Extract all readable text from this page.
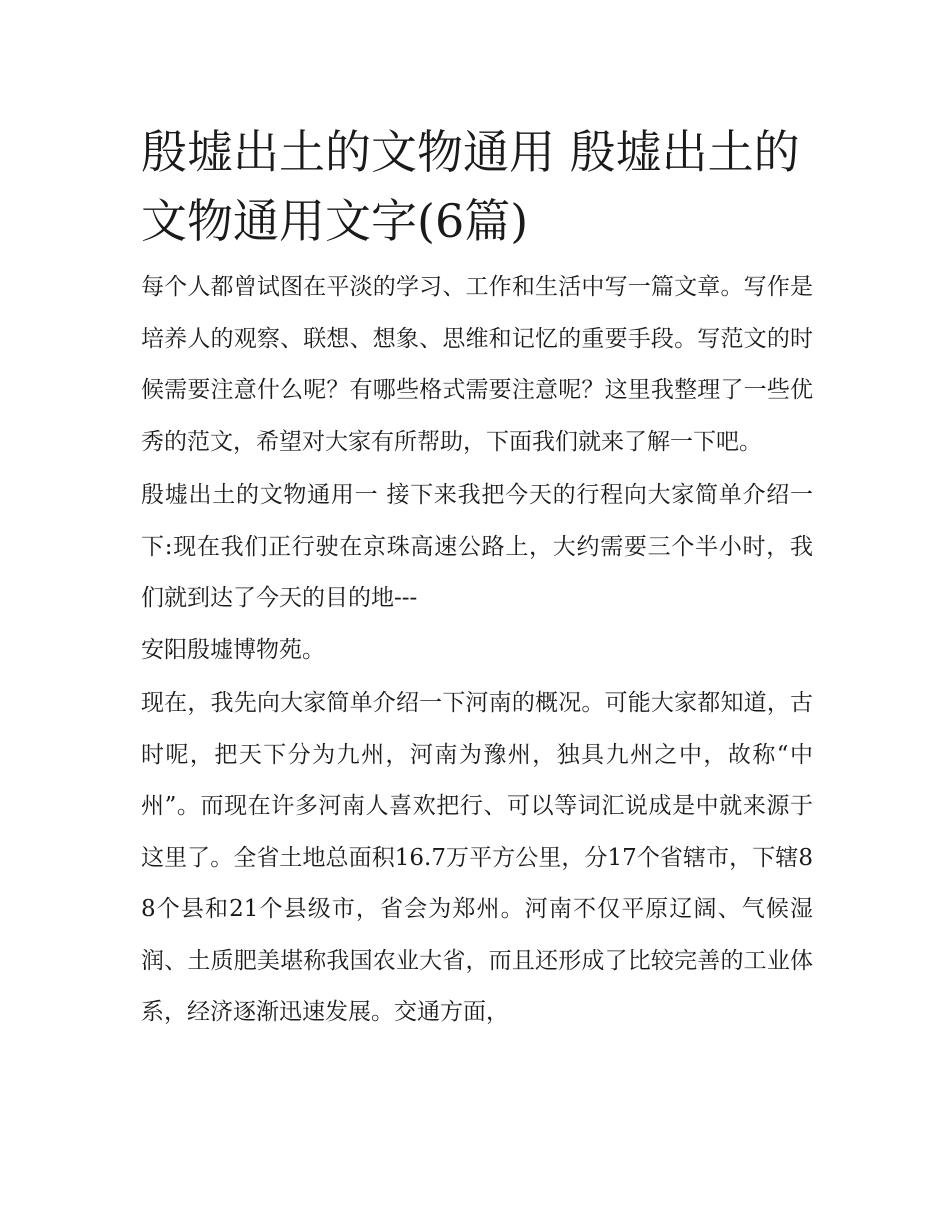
殷墟出土的文物通用 殷墟出土的文物通用文字(6篇)

每个人都曾试图在平淡的学习、工作和生活中写一篇文章。写作是培养人的观察、联想、想象、思维和记忆的重要手段。写范文的时候需要注意什么呢？有哪些格式需要注意呢？这里我整理了一些优秀的范文，希望对大家有所帮助，下面我们就来了解一下吧。

殷墟出土的文物通用一 接下来我把今天的行程向大家简单介绍一下:现在我们正行驶在京珠高速公路上，大约需要三个半小时，我们就到达了今天的目的地---

安阳殷墟博物苑。

现在，我先向大家简单介绍一下河南的概况。可能大家都知道，古时呢，把天下分为九州，河南为豫州，独具九州之中，故称“中州”。而现在许多河南人喜欢把行、可以等词汇说成是中就来源于这里了。全省土地总面积16.7万平方公里，分17个省辖市，下辖88个县和21个县级市，省会为郑州。河南不仅平原辽阔、气候湿润、土质肥美堪称我国农业大省，而且还形成了比较完善的工业体系，经济逐渐迅速发展。交通方面，
